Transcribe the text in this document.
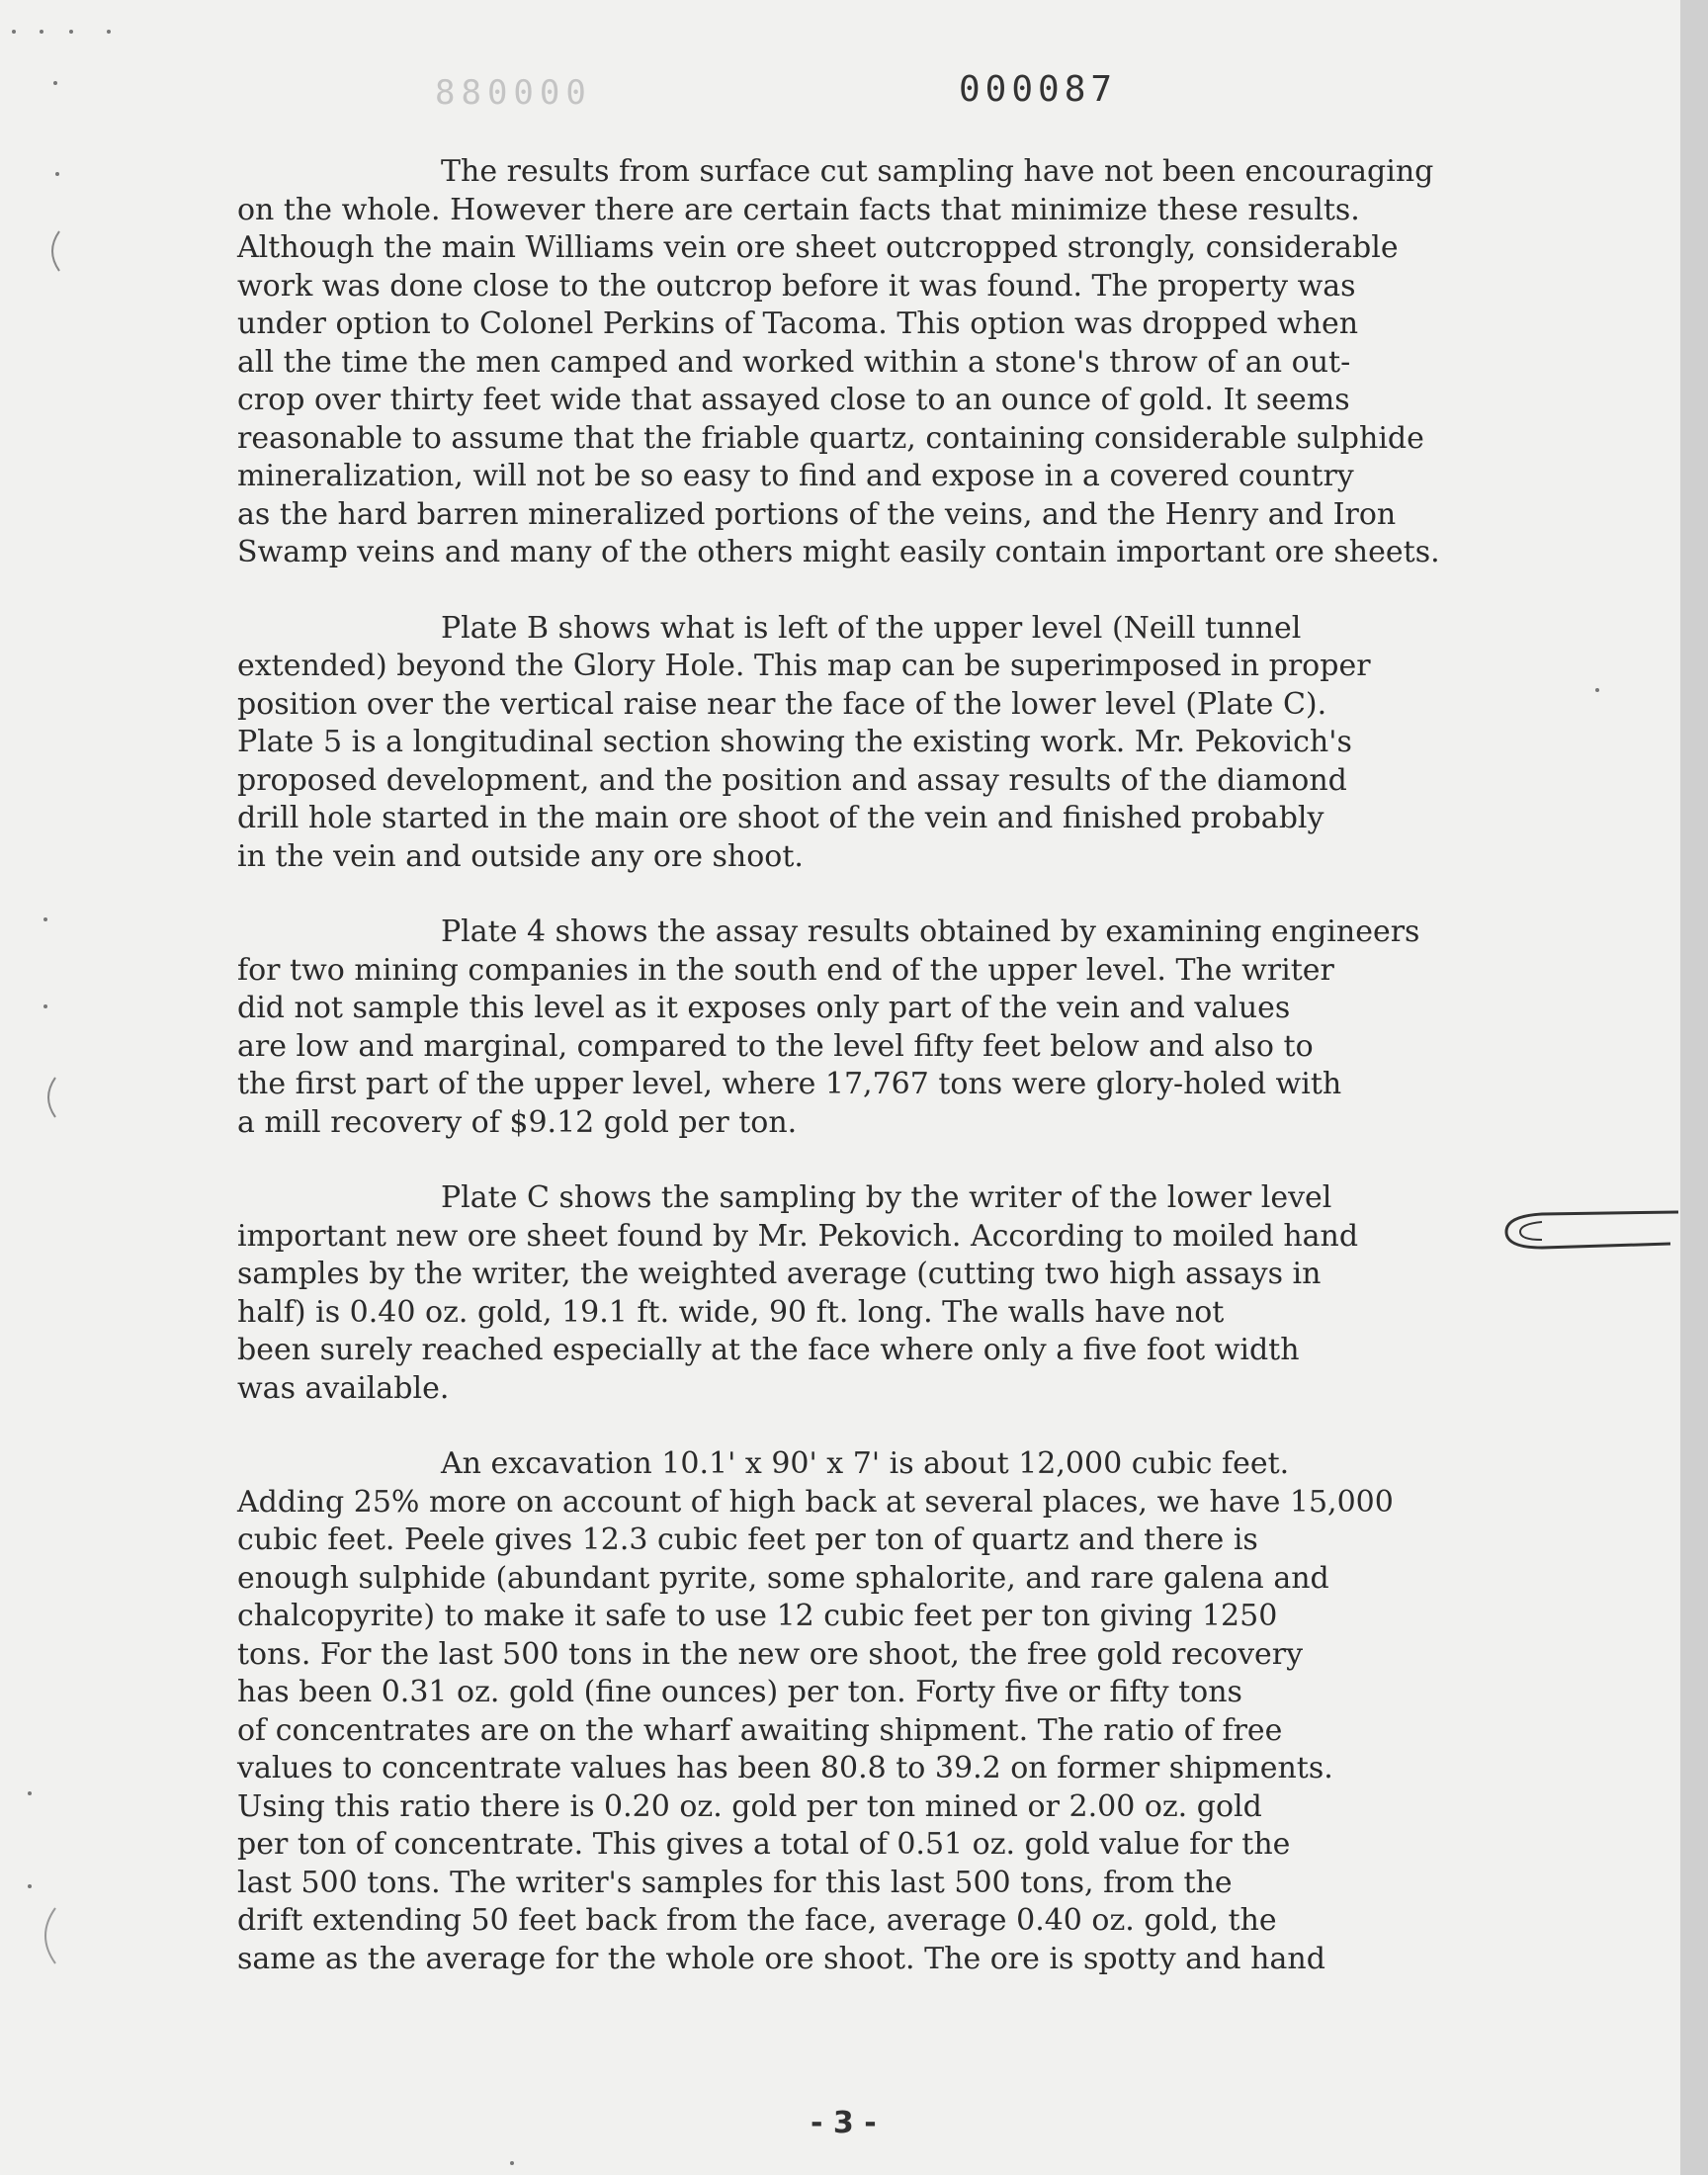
880000	000087
The results from surface cut sampling have not been encouraging
on the whole. However there are certain facts that minimize these results.
Although the main Williams vein ore sheet outcropped strongly, considerable
work was done close to the outcrop before it was found. The property was
under option to Colonel Perkins of Tacoma. This option was dropped when
all the time the men camped and worked within a stone's throw of an out-
crop over thirty feet wide that assayed close to an ounce of gold. It seems
reasonable to assume that the friable quartz, containing considerable sulphide
mineralization, will not be so easy to find and expose in a covered country
as the hard barren mineralized portions of the veins, and the Henry and Iron
Swamp veins and many of the others might easily contain important ore sheets.
Plate B shows what is left of the upper level (Neill tunnel
extended) beyond the Glory Hole. This map can be superimposed in proper
position over the vertical raise near the face of the lower level (Plate C).
Plate 5 is a longitudinal section showing the existing work. Mr. Pekovich's
proposed development, and the position and assay results of the diamond
drill hole started in the main ore shoot of the vein and finished probably
in the vein and outside any ore shoot.
Plate 4 shows the assay results obtained by examining engineers
for two mining companies in the south end of the upper level. The writer
did not sample this level as it exposes only part of the vein and values
are low and marginal, compared to the level fifty feet below and also to
the first part of the upper level, where 17,767 tons were glory-holed with
a mill recovery of $9.12 gold per ton.
Plate C shows the sampling by the writer of the lower level
important new ore sheet found by Mr. Pekovich. According to moiled hand
samples by the writer, the weighted average (cutting two high assays in
half) is 0.40 oz. gold, 19.1 ft. wide, 90 ft. long. The walls have not
been surely reached especially at the face where only a five foot width
was available.
An excavation 10.1' x 90' x 7' is about 12,000 cubic feet.
Adding 25% more on account of high back at several places, we have 15,000
cubic feet. Peele gives 12.3 cubic feet per ton of quartz and there is
enough sulphide (abundant pyrite, some sphalorite, and rare galena and
chalcopyrite) to make it safe to use 12 cubic feet per ton giving 1250
tons. For the last 500 tons in the new ore shoot, the free gold recovery
has been 0.31 oz. gold (fine ounces) per ton. Forty five or fifty tons
of concentrates are on the wharf awaiting shipment. The ratio of free
values to concentrate values has been 80.8 to 39.2 on former shipments.
Using this ratio there is 0.20 oz. gold per ton mined or 2.00 oz. gold
per ton of concentrate. This gives a total of 0.51 oz. gold value for the
last 500 tons. The writer's samples for this last 500 tons, from the
drift extending 50 feet back from the face, average 0.40 oz. gold, the
same as the average for the whole ore shoot. The ore is spotty and hand
- 3 -
